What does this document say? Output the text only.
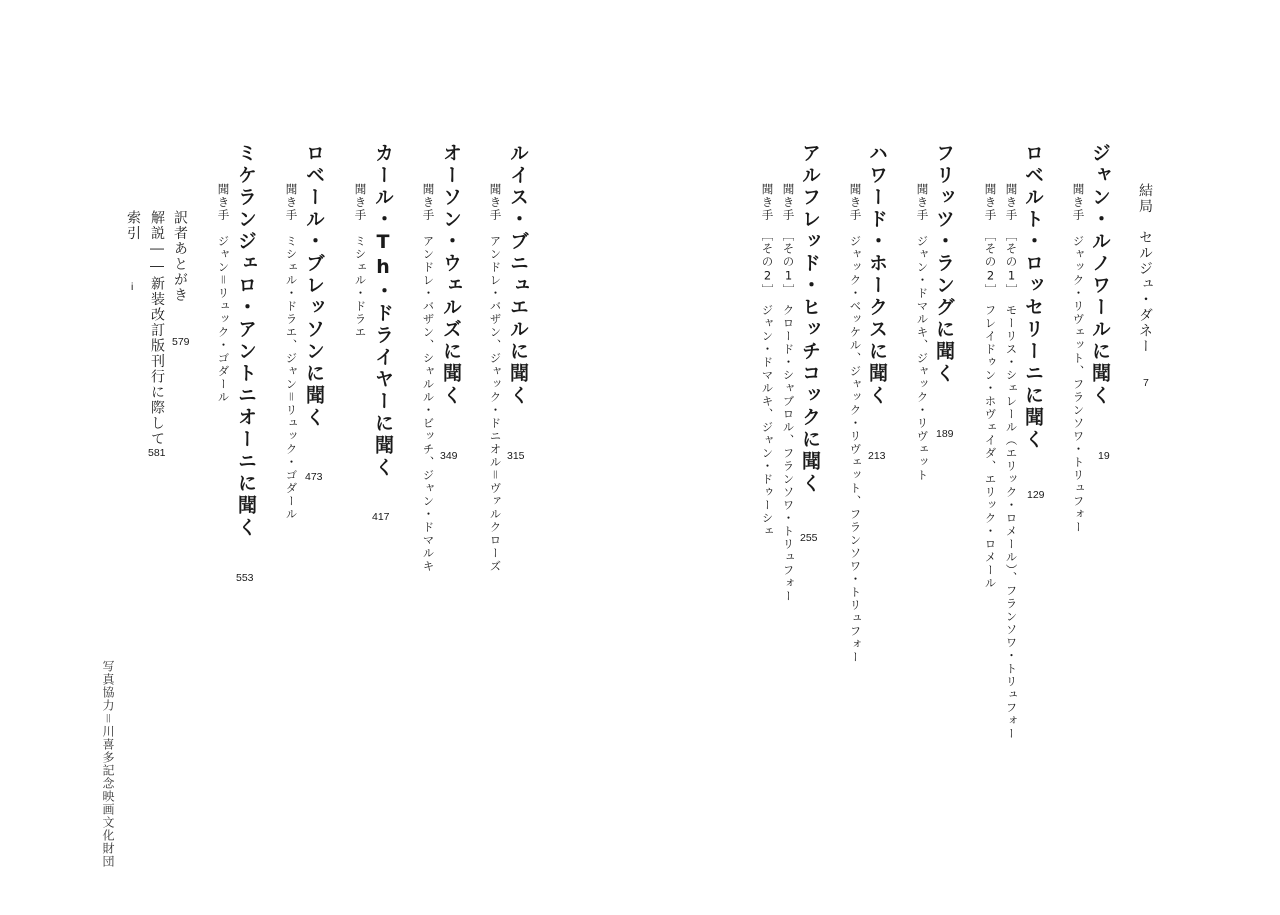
結局
セルジュ・ダネー
7
ジャン・ルノワールに聞く
聞き手　ジャック・リヴェット、フランソワ・トリュフォー 19
ロベルト・ロッセリーニに聞く
聞き手　［その1］　モーリス・シェレール（エリック・ロメール）、フランソワ・トリュフォー
聞き手　［その2］　フレイドゥン・ホヴェイダ、エリック・ロメール	129
フリッツ・ラングに聞く
聞き手　ジャン・ドマルキ、ジャック・リヴェット 189
ハワード・ホークスに聞く
聞き手　ジャック・ベッケル、ジャック・リヴェット、フランソワ・トリュフォー 213
アルフレッド・ヒッチコックに聞く
聞き手　［その1］　クロード・シャブロル、フランソワ・トリュフォー
聞き手　［その2］　ジャン・ドマルキ、ジャン・ドゥーシェ 255
ルイス・ブニュエルに聞く
聞き手　アンドレ・バザン、ジャック・ドニオル＝ヴァルクローズ 315
オーソン・ウェルズに聞く
聞き手　アンドレ・バザン、シャルル・ビッチ、ジャン・ドマルキ 349
カール・Th・ドライヤーに聞く
聞き手　ミシェル・ドラエ
417
ロベール・ブレッソンに聞く
聞き手　ミシェル・ドラエ、ジャン＝リュック・ゴダール 473
ミケランジェロ・アントニオーニに聞く
聞き手　ジャン＝リュック・ゴダール
553
訳者あとがき
579
解説――新装改訂版刊行に際して
581
索引
i
写真協力＝川喜多記念映画文化財団
